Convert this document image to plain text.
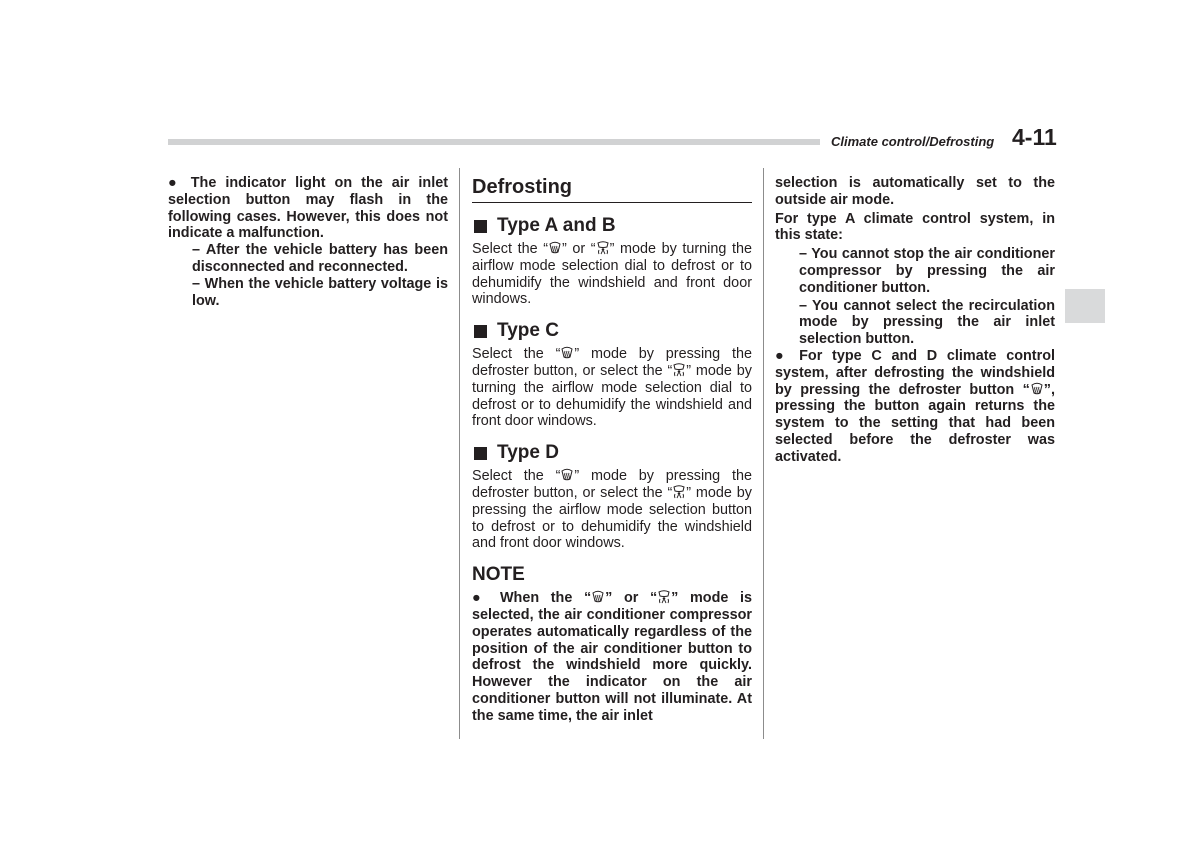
Climate control/Defrosting 4-11

● The indicator light on the air inlet selection button may flash in the following cases. However, this does not indicate a malfunction.

– After the vehicle battery has been disconnected and reconnected.

– When the vehicle battery voltage is low.

Defrosting
Type A and B

Select the “ ” or “ ” mode by turning the airflow mode selection dial to defrost or to dehumidify the windshield and front door windows.

Type C

Select the “ ” mode by pressing the defroster button, or select the “ ” mode by turning the airflow mode selection dial to defrost or to dehumidify the windshield and front door windows.

Type D

Select the “ ” mode by pressing the defroster button, or select the “ ” mode by pressing the airflow mode selection button to defrost or to dehumidify the windshield and front door windows.

NOTE

● When the “ ” or “ ” mode is selected, the air conditioner compressor operates automatically regardless of the position of the air conditioner button to defrost the windshield more quickly. However the indicator on the air conditioner button will not illuminate. At the same time, the air inlet

selection is automatically set to the outside air mode.

For type A climate control system, in this state:

– You cannot stop the air conditioner compressor by pressing the air conditioner button.

– You cannot select the recirculation mode by pressing the air inlet selection button.

● For type C and D climate control system, after defrosting the windshield by pressing the defroster button “ ”, pressing the button again returns the system to the setting that had been selected before the defroster was activated.
